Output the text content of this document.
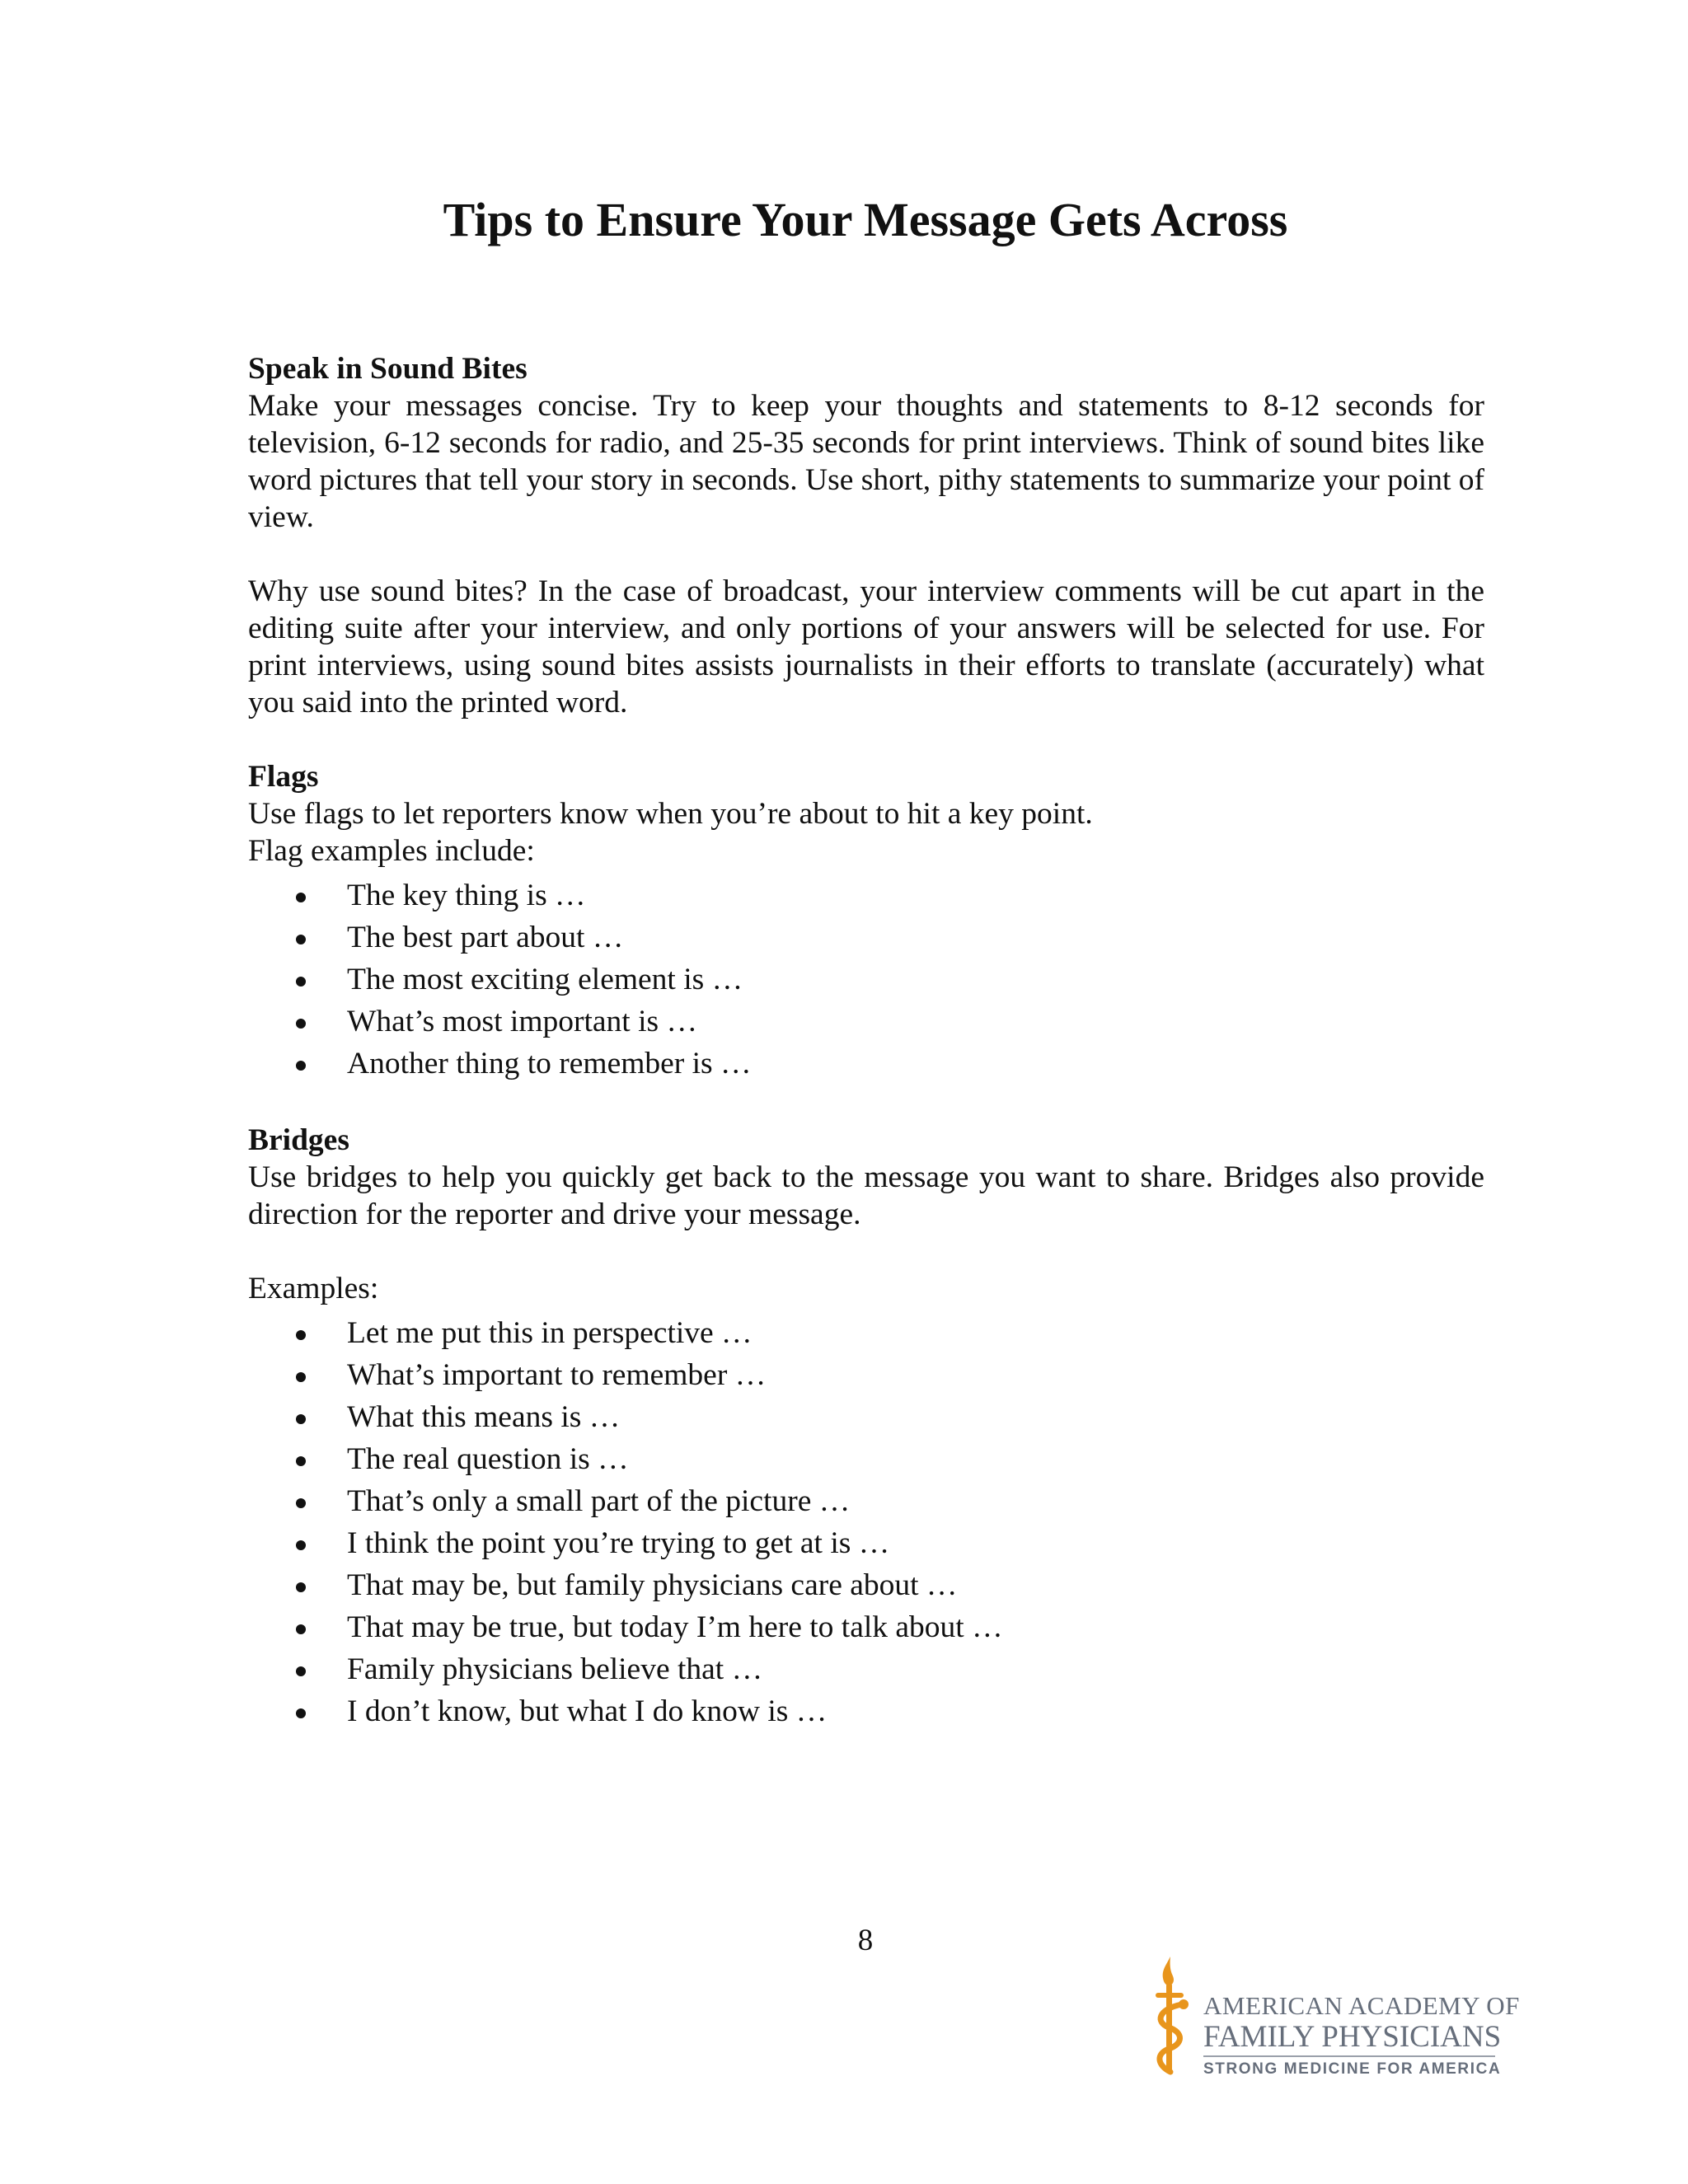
Tips to Ensure Your Message Gets Across

Speak in Sound Bites

Make your messages concise. Try to keep your thoughts and statements to 8-12 seconds for television, 6-12 seconds for radio, and 25-35 seconds for print interviews. Think of sound bites like word pictures that tell your story in seconds. Use short, pithy statements to summarize your point of view.

Why use sound bites? In the case of broadcast, your interview comments will be cut apart in the editing suite after your interview, and only portions of your answers will be selected for use. For print interviews, using sound bites assists journalists in their efforts to translate (accurately) what you said into the printed word.

Flags

Use flags to let reporters know when you’re about to hit a key point.

Flag examples include:

The key thing is …
The best part about …
The most exciting element is …
What’s most important is …
Another thing to remember is …

Bridges

Use bridges to help you quickly get back to the message you want to share. Bridges also provide direction for the reporter and drive your message.

Examples:

Let me put this in perspective …
What’s important to remember …
What this means is …
The real question is …
That’s only a small part of the picture …
I think the point you’re trying to get at is …
That may be, but family physicians care about …
That may be true, but today I’m here to talk about …
Family physicians believe that …
I don’t know, but what I do know is …
8
AMERICAN ACADEMY OF
FAMILY PHYSICIANS
STRONG MEDICINE FOR AMERICA
